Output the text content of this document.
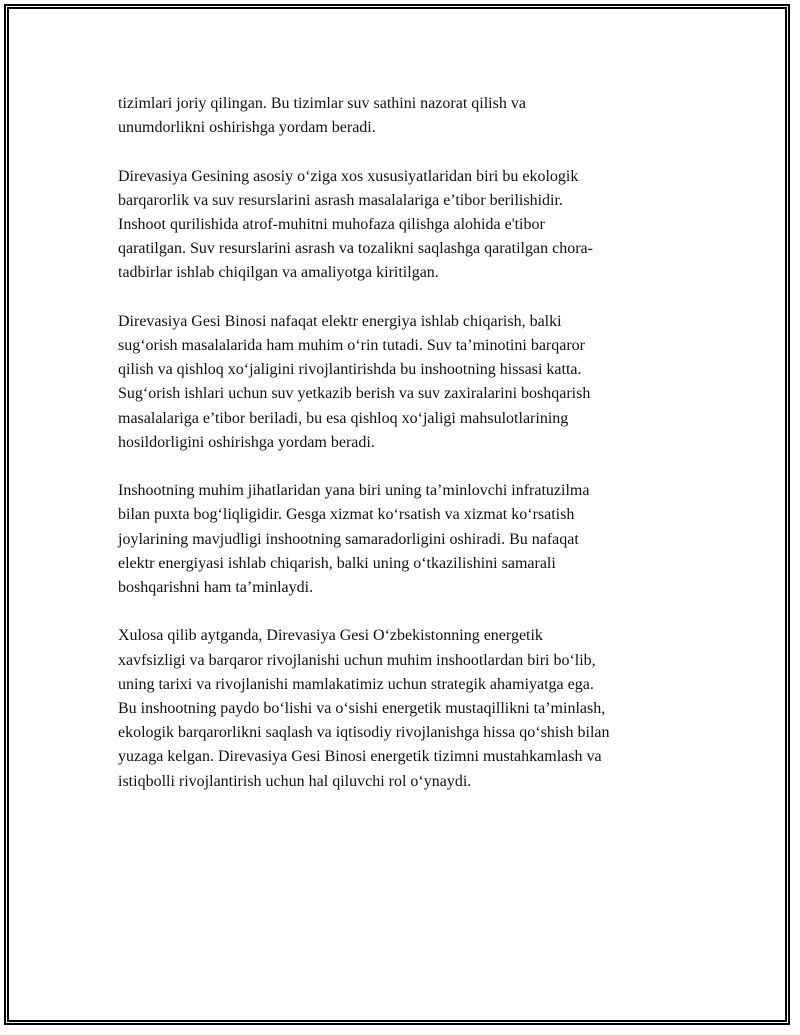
tizimlari joriy qilingan. Bu tizimlar suv sathini nazorat qilish va
unumdorlikni oshirishga yordam beradi.

Direvasiya Gesining asosiy o‘ziga xos xususiyatlaridan biri bu ekologik
barqarorlik va suv resurslarini asrash masalalariga e’tibor berilishidir.
Inshoot qurilishida atrof-muhitni muhofaza qilishga alohida e'tibor
qaratilgan. Suv resurslarini asrash va tozalikni saqlashga qaratilgan chora-
tadbirlar ishlab chiqilgan va amaliyotga kiritilgan.

Direvasiya Gesi Binosi nafaqat elektr energiya ishlab chiqarish, balki
sug‘orish masalalarida ham muhim o‘rin tutadi. Suv ta’minotini barqaror
qilish va qishloq xo‘jaligini rivojlantirishda bu inshootning hissasi katta.
Sug‘orish ishlari uchun suv yetkazib berish va suv zaxiralarini boshqarish
masalalariga e’tibor beriladi, bu esa qishloq xo‘jaligi mahsulotlarining
hosildorligini oshirishga yordam beradi.

Inshootning muhim jihatlaridan yana biri uning ta’minlovchi infratuzilma
bilan puxta bog‘liqligidir. Gesga xizmat ko‘rsatish va xizmat ko‘rsatish
joylarining mavjudligi inshootning samaradorligini oshiradi. Bu nafaqat
elektr energiyasi ishlab chiqarish, balki uning o‘tkazilishini samarali
boshqarishni ham ta’minlaydi.

Xulosa qilib aytganda, Direvasiya Gesi O‘zbekistonning energetik
xavfsizligi va barqaror rivojlanishi uchun muhim inshootlardan biri bo‘lib,
uning tarixi va rivojlanishi mamlakatimiz uchun strategik ahamiyatga ega.
Bu inshootning paydo bo‘lishi va o‘sishi energetik mustaqillikni ta’minlash,
ekologik barqarorlikni saqlash va iqtisodiy rivojlanishga hissa qo‘shish bilan
yuzaga kelgan. Direvasiya Gesi Binosi energetik tizimni mustahkamlash va
istiqbolli rivojlantirish uchun hal qiluvchi rol o‘ynaydi.
